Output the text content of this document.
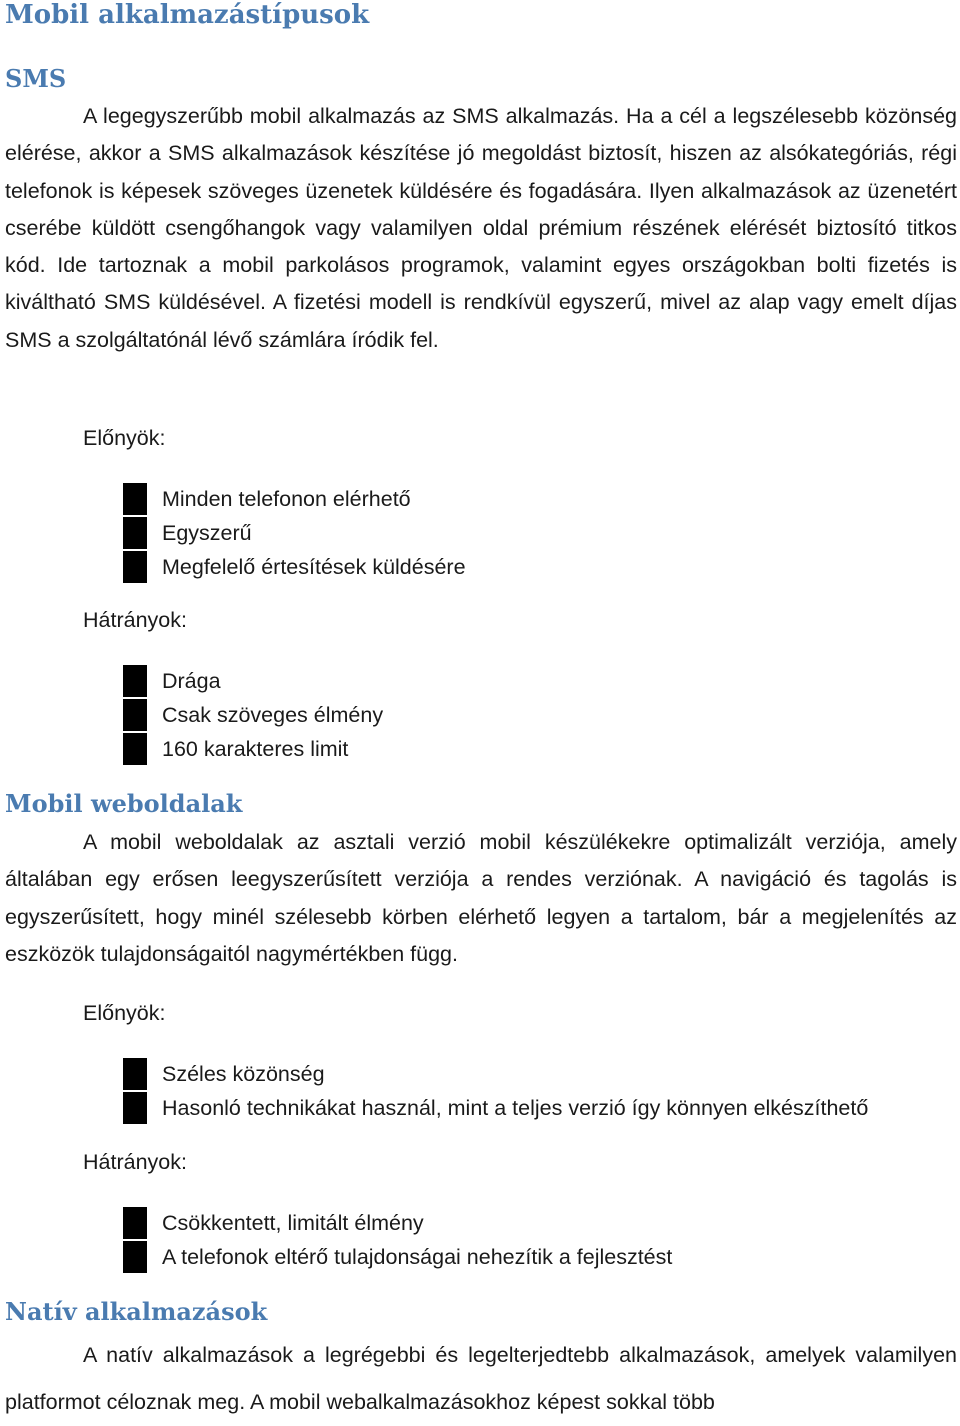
Mobil alkalmazástípusok
SMS

A legegyszerűbb mobil alkalmazás az SMS alkalmazás. Ha a cél a legszélesebb közönség elérése, akkor a SMS alkalmazások készítése jó megoldást biztosít, hiszen az alsókategóriás, régi telefonok is képesek szöveges üzenetek küldésére és fogadására. Ilyen alkalmazások az üzenetért cserébe küldött csengőhangok vagy valamilyen oldal prémium részének elérését biztosító titkos kód. Ide tartoznak a mobil parkolásos programok, valamint egyes országokban bolti fizetés is kiváltható SMS küldésével. A fizetési modell is rendkívül egyszerű, mivel az alap vagy emelt díjas SMS a szolgáltatónál lévő számlára íródik fel.

Előnyök:

Minden telefonon elérhető
Egyszerű
Megfelelő értesítések küldésére

Hátrányok:

Drága
Csak szöveges élmény
160 karakteres limit
Mobil weboldalak

A mobil weboldalak az asztali verzió mobil készülékekre optimalizált verziója, amely általában egy erősen leegyszerűsített verziója a rendes verziónak. A navigáció és tagolás is egyszerűsített, hogy minél szélesebb körben elérhető legyen a tartalom, bár a megjelenítés az eszközök tulajdonságaitól nagymértékben függ.

Előnyök:

Széles közönség
Hasonló technikákat használ, mint a teljes verzió így könnyen elkészíthető

Hátrányok:

Csökkentett, limitált élmény
A telefonok eltérő tulajdonságai nehezítik a fejlesztést
Natív alkalmazások

A natív alkalmazások a legrégebbi és legelterjedtebb alkalmazások, amelyek valamilyen platformot céloznak meg. A mobil webalkalmazásokhoz képest sokkal több
